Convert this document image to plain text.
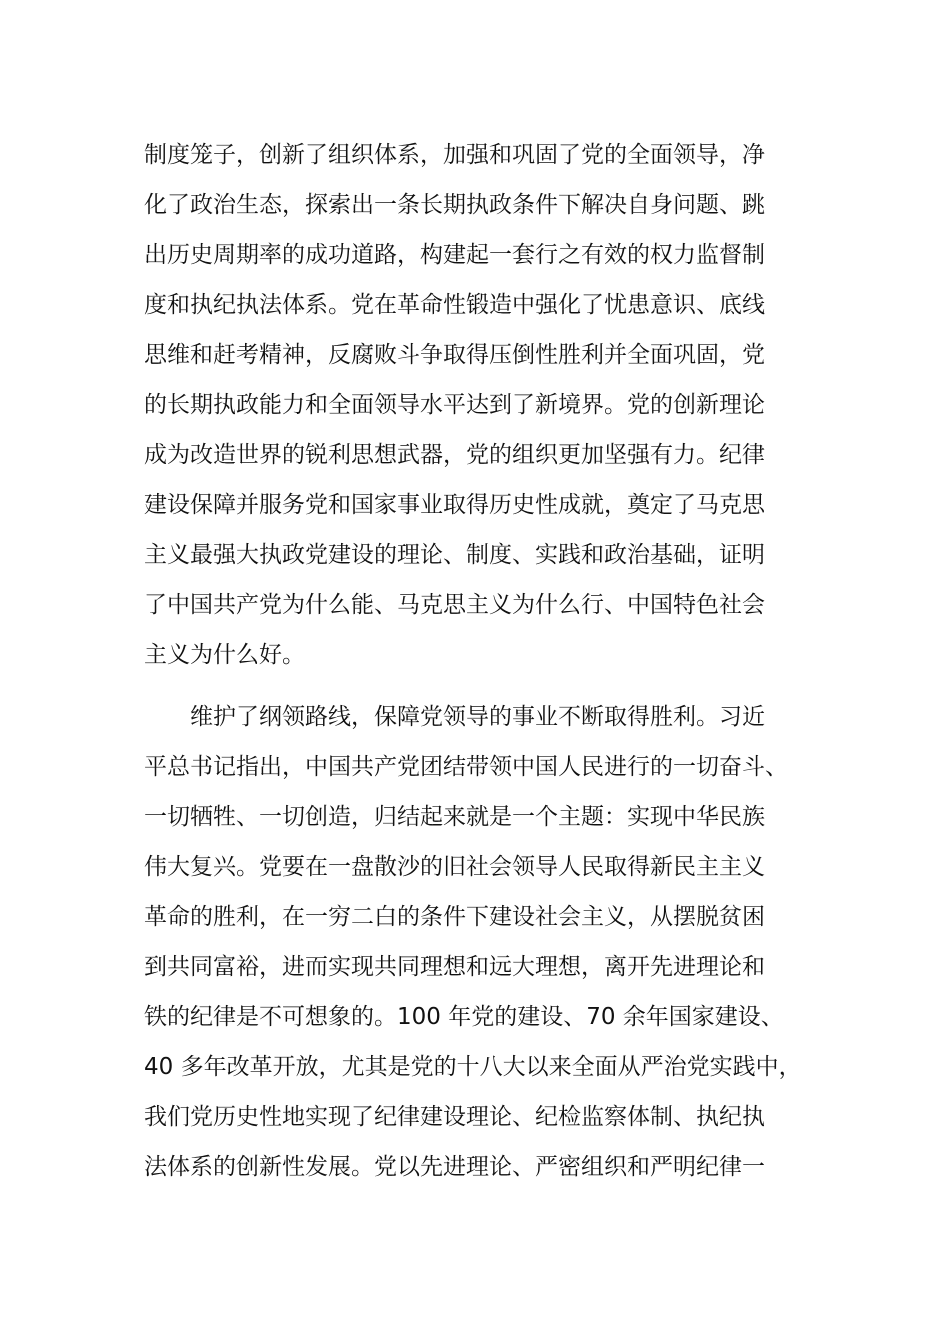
制度笼子，创新了组织体系，加强和巩固了党的全面领导，净
化了政治生态，探索出一条长期执政条件下解决自身问题、跳
出历史周期率的成功道路，构建起一套行之有效的权力监督制
度和执纪执法体系。党在革命性锻造中强化了忧患意识、底线
思维和赶考精神，反腐败斗争取得压倒性胜利并全面巩固，党
的长期执政能力和全面领导水平达到了新境界。党的创新理论
成为改造世界的锐利思想武器，党的组织更加坚强有力。纪律
建设保障并服务党和国家事业取得历史性成就，奠定了马克思
主义最强大执政党建设的理论、制度、实践和政治基础，证明
了中国共产党为什么能、马克思主义为什么行、中国特色社会
主义为什么好。
　　维护了纲领路线，保障党领导的事业不断取得胜利。习近
平总书记指出，中国共产党团结带领中国人民进行的一切奋斗、
一切牺牲、一切创造，归结起来就是一个主题：实现中华民族
伟大复兴。党要在一盘散沙的旧社会领导人民取得新民主主义
革命的胜利，在一穷二白的条件下建设社会主义，从摆脱贫困
到共同富裕，进而实现共同理想和远大理想，离开先进理论和
铁的纪律是不可想象的。100 年党的建设、70 余年国家建设、
40 多年改革开放，尤其是党的十八大以来全面从严治党实践中，
我们党历史性地实现了纪律建设理论、纪检监察体制、执纪执
法体系的创新性发展。党以先进理论、严密组织和严明纪律一
